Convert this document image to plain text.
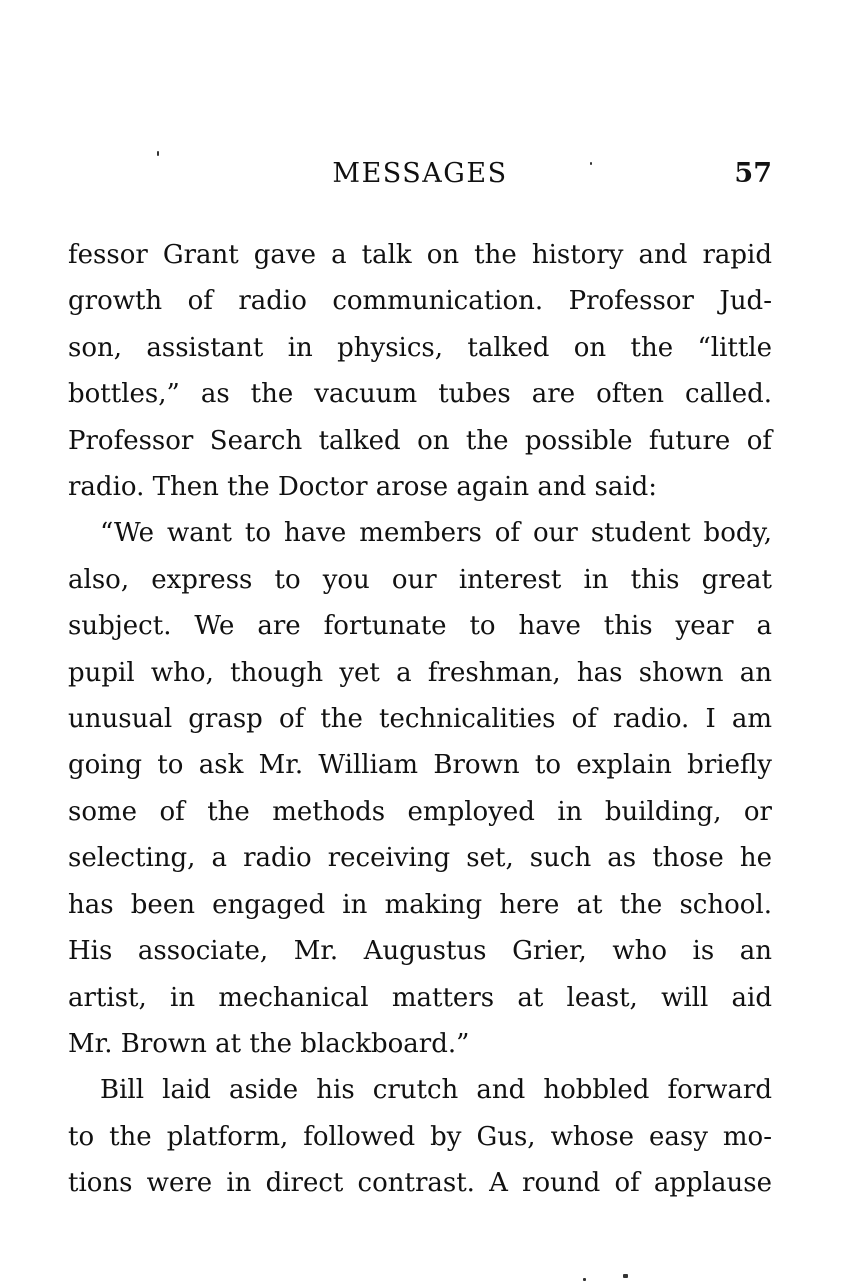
MESSAGES	57

fessor Grant gave a talk on the history and rapid
growth of radio communication. Professor Jud-
son, assistant in physics, talked on the “little
bottles,” as the vacuum tubes are often called.
Professor Search talked on the possible future of
radio. Then the Doctor arose again and said:

“We want to have members of our student body,
also, express to you our interest in this great
subject. We are fortunate to have this year a
pupil who, though yet a freshman, has shown an
unusual grasp of the technicalities of radio. I am
going to ask Mr. William Brown to explain briefly
some of the methods employed in building, or
selecting, a radio receiving set, such as those he
has been engaged in making here at the school.
His associate, Mr. Augustus Grier, who is an
artist, in mechanical matters at least, will aid
Mr. Brown at the blackboard.”

Bill laid aside his crutch and hobbled forward
to the platform, followed by Gus, whose easy mo-
tions were in direct contrast. A round of applause
